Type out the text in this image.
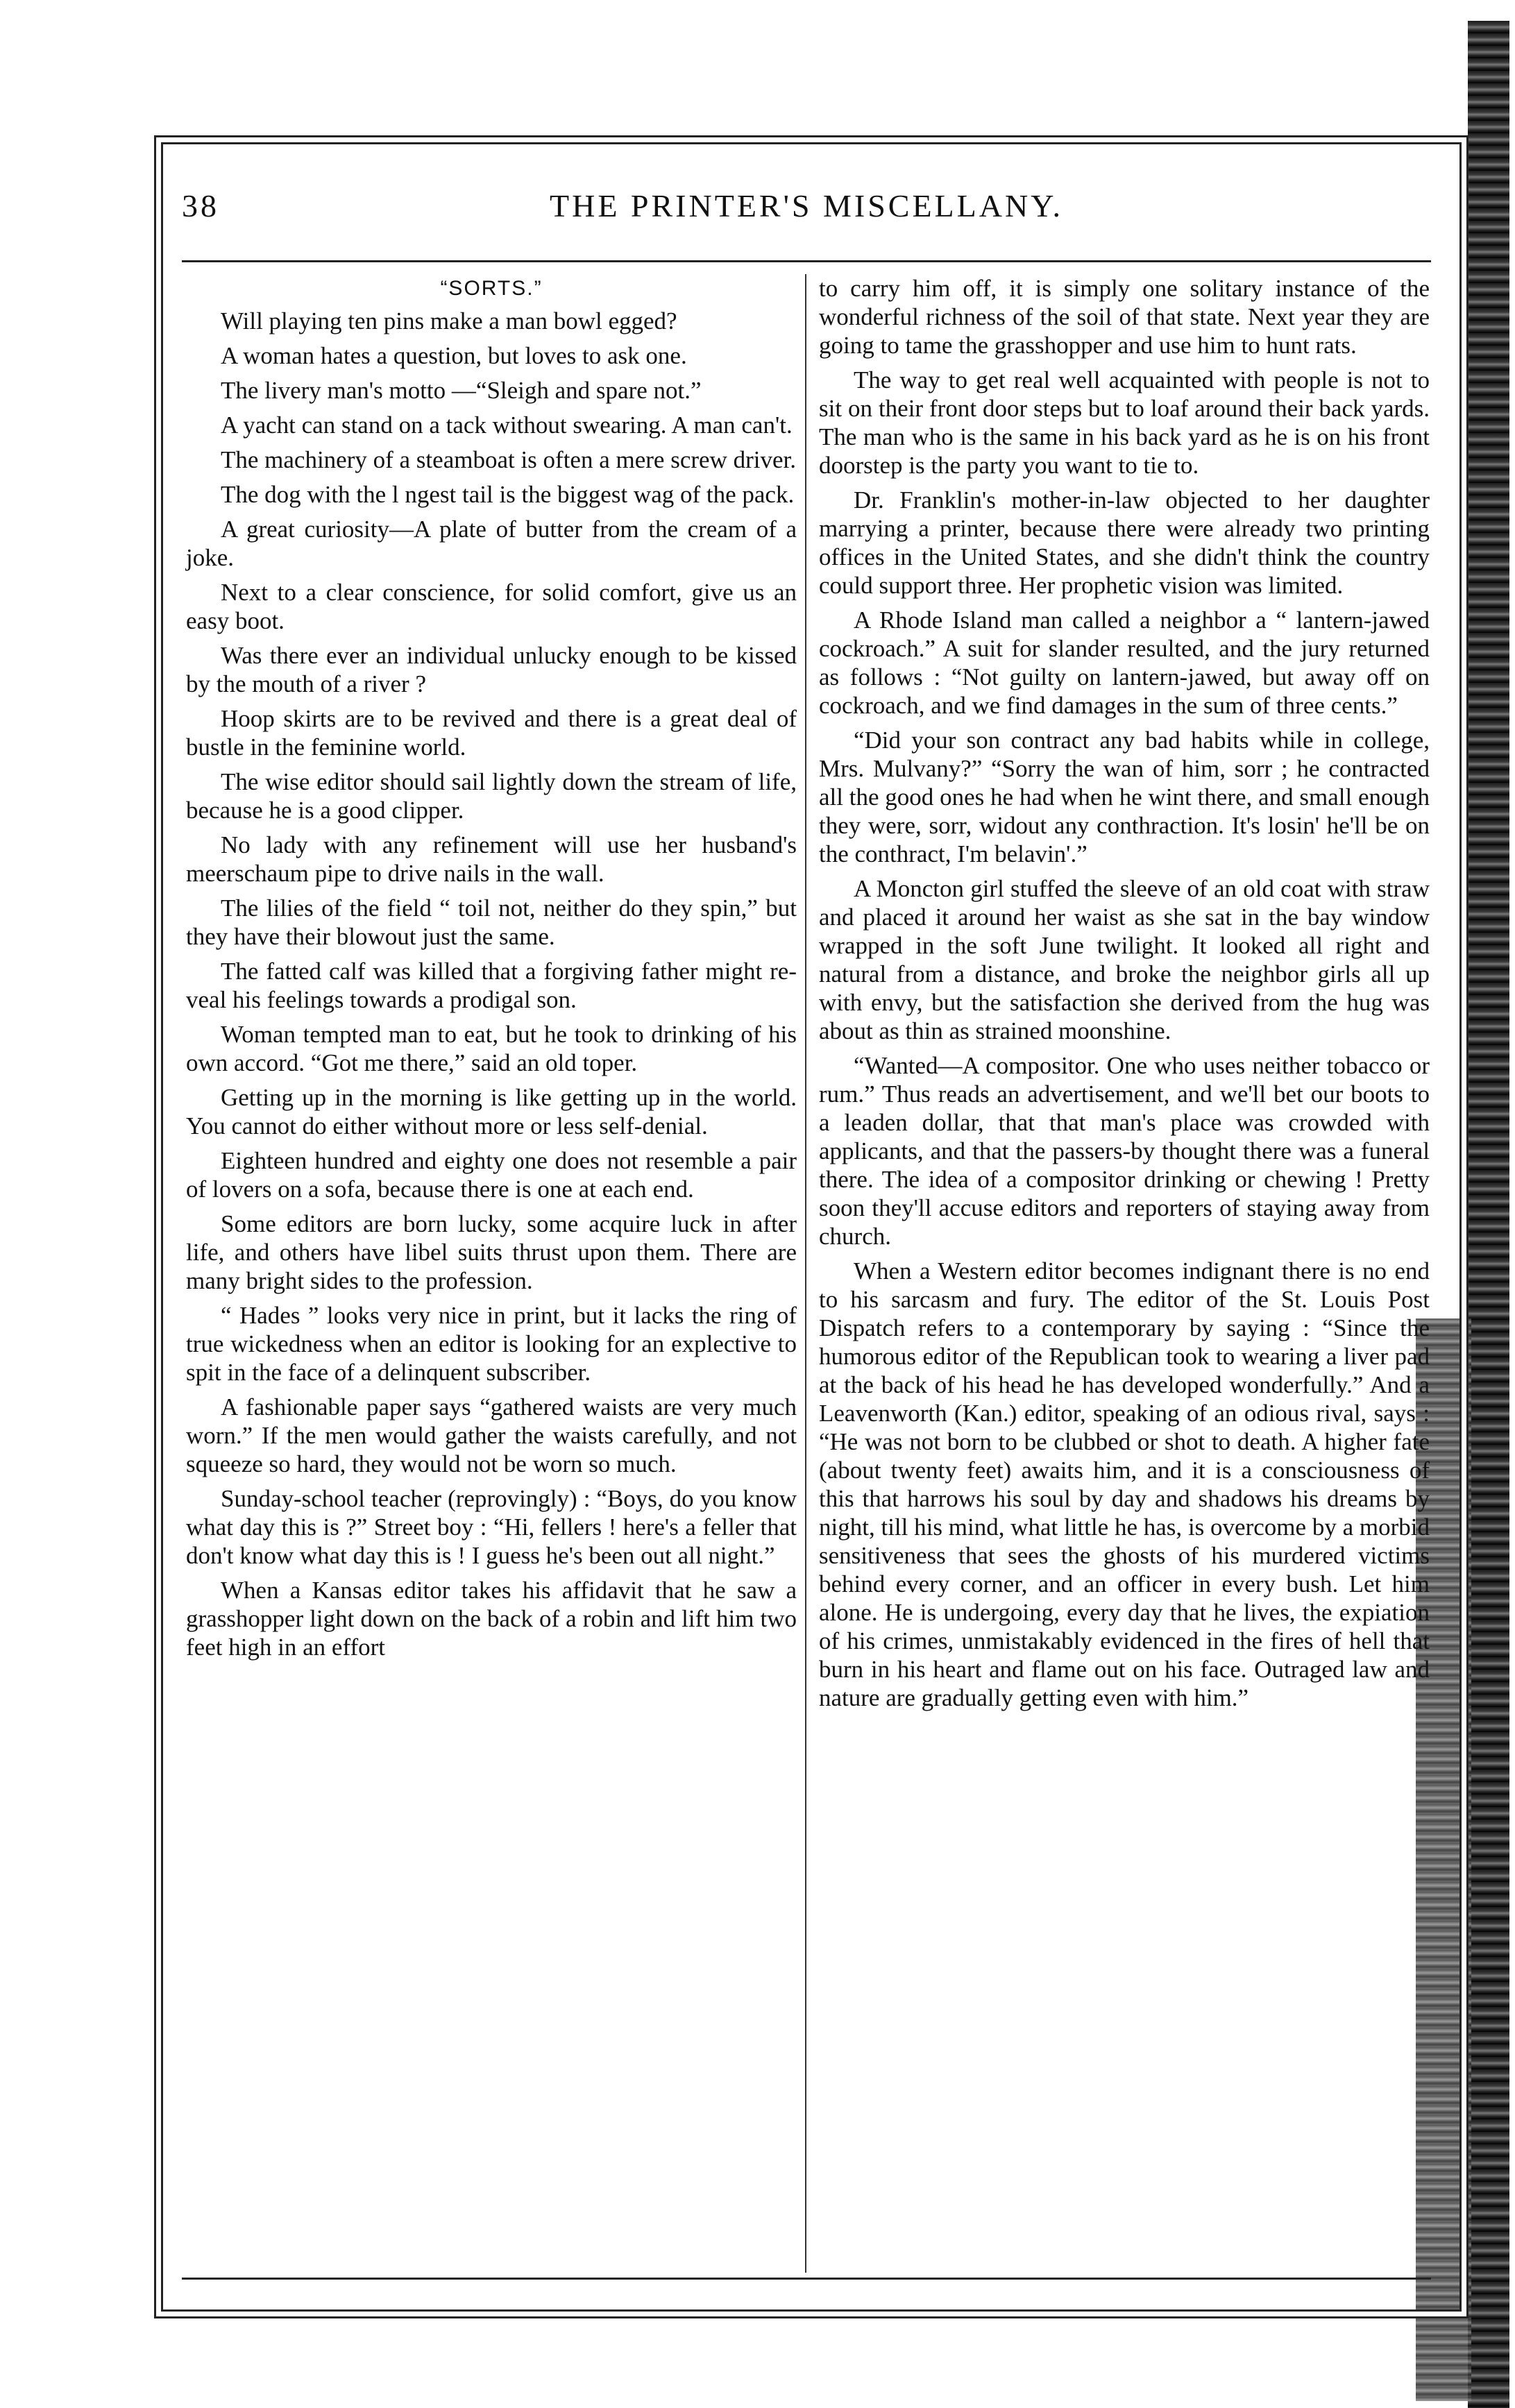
38	THE PRINTER'S MISCELLANY.
“SORTS.”

Will playing ten pins make a man bowl egged?

A woman hates a question, but loves to ask one.

The livery man's motto —“Sleigh and spare not.”

A yacht can stand on a tack without swearing. A man can't.

The machinery of a steamboat is often a mere screw driver.

The dog with the l ngest tail is the biggest wag of the pack.

A great curiosity—A plate of butter from the cream of a joke.

Next to a clear conscience, for solid comfort, give us an easy boot.

Was there ever an individual unlucky enough to be kissed by the mouth of a river ?

Hoop skirts are to be revived and there is a great deal of bustle in the feminine world.

The wise editor should sail lightly down the stream of life, because he is a good clipper.

No lady with any refinement will use her husband's meerschaum pipe to drive nails in the wall.

The lilies of the field “ toil not, neither do they spin,” but they have their blowout just the same.

The fatted calf was killed that a forgiving father might re-veal his feelings towards a prodigal son.

Woman tempted man to eat, but he took to drinking of his own accord. “Got me there,” said an old toper.

Getting up in the morning is like getting up in the world. You cannot do either without more or less self-denial.

Eighteen hundred and eighty one does not resemble a pair of lovers on a sofa, because there is one at each end.

Some editors are born lucky, some acquire luck in after life, and others have libel suits thrust upon them. There are many bright sides to the profession.

“ Hades ” looks very nice in print, but it lacks the ring of true wickedness when an editor is looking for an explective to spit in the face of a delinquent subscriber.

A fashionable paper says “gathered waists are very much worn.” If the men would gather the waists carefully, and not squeeze so hard, they would not be worn so much.

Sunday-school teacher (reprovingly) : “Boys, do you know what day this is ?” Street boy : “Hi, fellers ! here's a feller that don't know what day this is ! I guess he's been out all night.”

When a Kansas editor takes his affidavit that he saw a grasshopper light down on the back of a robin and lift him two feet high in an effort

to carry him off, it is simply one solitary instance of the wonderful richness of the soil of that state. Next year they are going to tame the grasshopper and use him to hunt rats.

The way to get real well acquainted with people is not to sit on their front door steps but to loaf around their back yards. The man who is the same in his back yard as he is on his front doorstep is the party you want to tie to.

Dr. Franklin's mother-in-law objected to her daughter marrying a printer, because there were already two printing offices in the United States, and she didn't think the country could support three. Her prophetic vision was limited.

A Rhode Island man called a neighbor a “ lantern-jawed cockroach.” A suit for slander resulted, and the jury returned as follows : “Not guilty on lantern-jawed, but away off on cockroach, and we find damages in the sum of three cents.”

“Did your son contract any bad habits while in college, Mrs. Mulvany?” “Sorry the wan of him, sorr ; he contracted all the good ones he had when he wint there, and small enough they were, sorr, widout any conthraction. It's losin' he'll be on the conthract, I'm belavin'.”

A Moncton girl stuffed the sleeve of an old coat with straw and placed it around her waist as she sat in the bay window wrapped in the soft June twilight. It looked all right and natural from a distance, and broke the neighbor girls all up with envy, but the satisfaction she derived from the hug was about as thin as strained moonshine.

“Wanted—A compositor. One who uses neither tobacco or rum.” Thus reads an advertisement, and we'll bet our boots to a leaden dollar, that that man's place was crowded with applicants, and that the passers-by thought there was a funeral there. The idea of a compositor drinking or chewing ! Pretty soon they'll accuse editors and reporters of staying away from church.

When a Western editor becomes indignant there is no end to his sarcasm and fury. The editor of the St. Louis Post Dispatch refers to a contemporary by saying : “Since the humorous editor of the Republican took to wearing a liver pad at the back of his head he has developed wonderfully.” And a Leavenworth (Kan.) editor, speaking of an odious rival, says : “He was not born to be clubbed or shot to death. A higher fate (about twenty feet) awaits him, and it is a consciousness of this that harrows his soul by day and shadows his dreams by night, till his mind, what little he has, is overcome by a morbid sensitiveness that sees the ghosts of his murdered victims behind every corner, and an officer in every bush. Let him alone. He is undergoing, every day that he lives, the expiation of his crimes, unmistakably evidenced in the fires of hell that burn in his heart and flame out on his face. Outraged law and nature are gradually getting even with him.”
